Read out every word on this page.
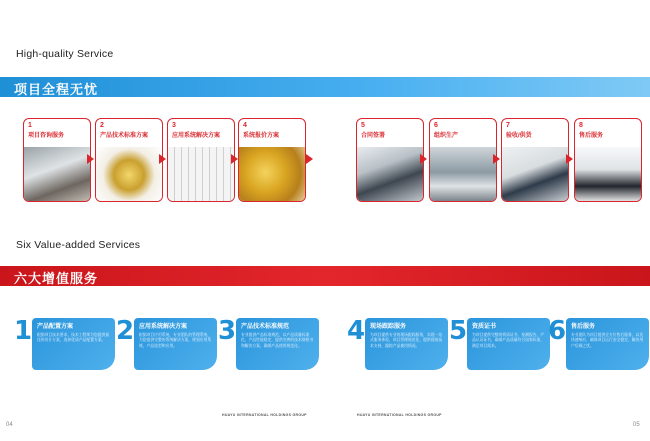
High-quality Service
项目全程无忧
1
项目咨询服务
2
产品技术标准方案
3
应用系统解决方案
4
系统报价方案
5
合同签署
6
组织生产
7
验收/供货
8
售后服务
Six Value-added Services
六大增值服务
1 产品配置方案
根据项目技术要求，技术工程师为您提供最佳的设计方案，选择优质产品配置方案。 2 应用系统解决方案
根据项目应用系统，专业团队的管理系统，为您提供完整的系统解决方案，规划应用系统，产品选型和应用。	3 产品技术标准规范
专业提供产品标准规范，以产品质量标准化，产品性能稳定，提供完善的技术规格书和解决方案，确保产品使用规范化。	4 现场跟踪服务
为项目提供专业的现场跟踪服务，实现一站式服务体验，项目管理规范化，提供现场技术支持，跟踪产品使用情况。	5 资质证书
为项目提供完整的资质证书，检测报告，产品认证证书，确保产品质量符合国家标准，满足项目需求。	6 售后服务
专业团队为项目提供全方位售后服务，以及快速响应，确保项目运行安全稳定，解决用户后顾之忧。
HUAYU INTERNATIONAL HOLDINGS GROUP	HUAYU INTERNATIONAL HOLDINGS GROUP
04	05
